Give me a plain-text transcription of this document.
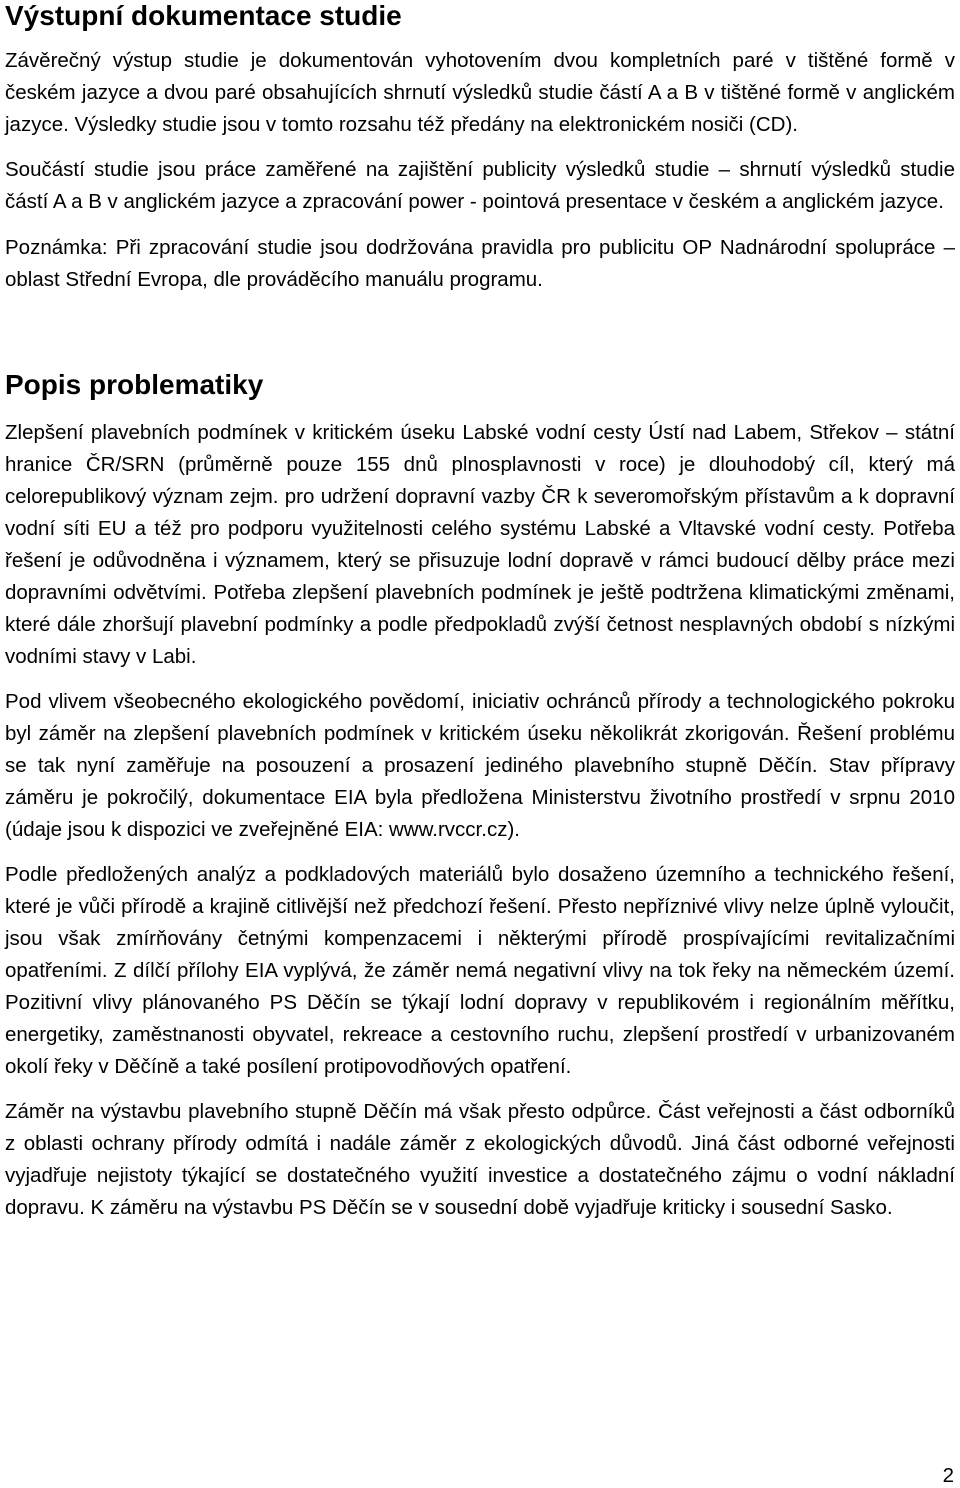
Výstupní dokumentace studie

Závěrečný výstup studie je dokumentován vyhotovením dvou kompletních paré v tištěné formě v českém jazyce a dvou paré obsahujících shrnutí výsledků studie částí A a B v tištěné formě v anglickém jazyce. Výsledky studie jsou v tomto rozsahu též předány na elektronickém nosiči (CD).

Součástí studie jsou práce zaměřené na zajištění publicity výsledků studie – shrnutí výsledků studie částí A a B v anglickém jazyce a zpracování power - pointová presentace v českém a anglickém jazyce.

Poznámka: Při zpracování studie jsou dodržována pravidla pro publicitu OP Nadnárodní spolupráce – oblast Střední Evropa, dle prováděcího manuálu programu.

Popis problematiky

Zlepšení plavebních podmínek v kritickém úseku Labské vodní cesty Ústí nad Labem, Střekov – státní hranice ČR/SRN (průměrně pouze 155 dnů plnosplavnosti v roce) je dlouhodobý cíl, který má celorepublikový význam zejm. pro udržení dopravní vazby ČR k severomořským přístavům a k dopravní vodní síti EU a též pro podporu využitelnosti celého systému Labské a Vltavské vodní cesty. Potřeba řešení je odůvodněna i významem, který se přisuzuje lodní dopravě v rámci budoucí dělby práce mezi dopravními odvětvími. Potřeba zlepšení plavebních podmínek je ještě podtržena klimatickými změnami, které dále zhoršují plavební podmínky a podle předpokladů zvýší četnost nesplavných období s nízkými vodními stavy v Labi.

Pod vlivem všeobecného ekologického povědomí, iniciativ ochránců přírody a technologického pokroku byl záměr na zlepšení plavebních podmínek v kritickém úseku několikrát zkorigován. Řešení problému se tak nyní zaměřuje na posouzení a prosazení jediného plavebního stupně Děčín. Stav přípravy záměru je pokročilý, dokumentace EIA byla předložena Ministerstvu životního prostředí v srpnu 2010 (údaje jsou k dispozici ve zveřejněné EIA: www.rvccr.cz).

Podle předložených analýz a podkladových materiálů bylo dosaženo územního a technického řešení, které je vůči přírodě a krajině citlivější než předchozí řešení. Přesto nepříznivé vlivy nelze úplně vyloučit, jsou však zmírňovány četnými kompenzacemi i některými přírodě prospívajícími revitalizačními opatřeními. Z dílčí přílohy EIA vyplývá, že záměr nemá negativní vlivy na tok řeky na německém území. Pozitivní vlivy plánovaného PS Děčín se týkají lodní dopravy v republikovém i regionálním měřítku, energetiky, zaměstnanosti obyvatel, rekreace a cestovního ruchu, zlepšení prostředí v urbanizovaném okolí řeky v Děčíně a také posílení protipovodňových opatření.

Záměr na výstavbu plavebního stupně Děčín má však přesto odpůrce. Část veřejnosti a část odborníků z oblasti ochrany přírody odmítá i nadále záměr z ekologických důvodů. Jiná část odborné veřejnosti vyjadřuje nejistoty týkající se dostatečného využití investice a dostatečného zájmu o vodní nákladní dopravu. K záměru na výstavbu PS Děčín se v sousední době vyjadřuje kriticky i sousední Sasko.

2
